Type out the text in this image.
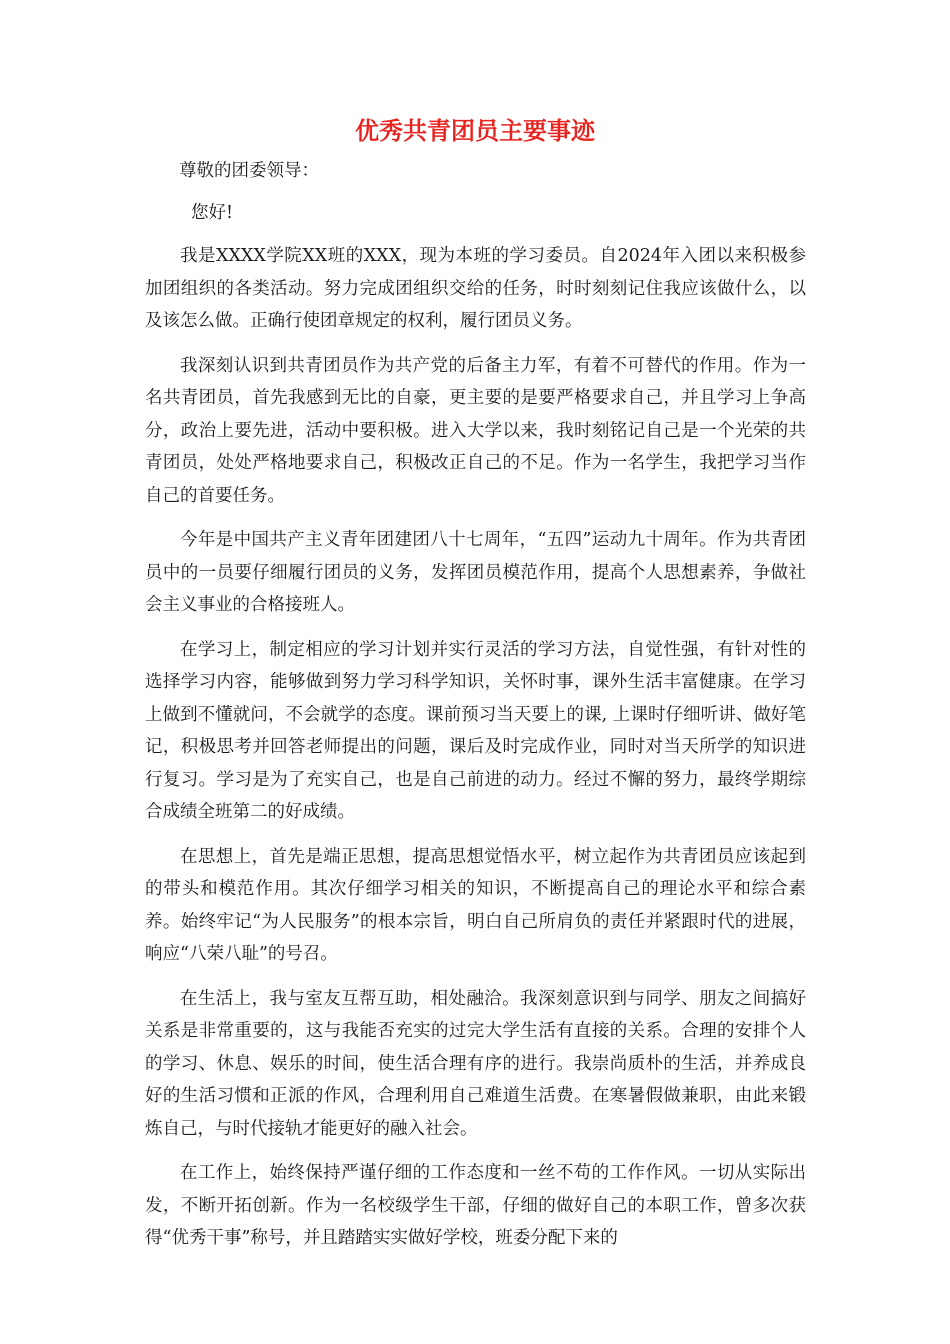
优秀共青团员主要事迹

尊敬的团委领导：

您好!

我是XXXX学院XX班的XXX，现为本班的学习委员。自2024年入团以来积极参加团组织的各类活动。努力完成团组织交给的任务，时时刻刻记住我应该做什么，以及该怎么做。正确行使团章规定的权利，履行团员义务。

我深刻认识到共青团员作为共产党的后备主力军，有着不可替代的作用。作为一名共青团员，首先我感到无比的自豪，更主要的是要严格要求自己，并且学习上争高分，政治上要先进，活动中要积极。进入大学以来，我时刻铭记自己是一个光荣的共青团员，处处严格地要求自己，积极改正自己的不足。作为一名学生，我把学习当作自己的首要任务。

今年是中国共产主义青年团建团八十七周年，“五四”运动九十周年。作为共青团员中的一员要仔细履行团员的义务，发挥团员模范作用，提高个人思想素养，争做社会主义事业的合格接班人。

在学习上，制定相应的学习计划并实行灵活的学习方法，自觉性强，有针对性的选择学习内容，能够做到努力学习科学知识，关怀时事，课外生活丰富健康。在学习上做到不懂就问，不会就学的态度。课前预习当天要上的课, 上课时仔细听讲、做好笔记，积极思考并回答老师提出的问题，课后及时完成作业，同时对当天所学的知识进行复习。学习是为了充实自己，也是自己前进的动力。经过不懈的努力，最终学期综合成绩全班第二的好成绩。

在思想上，首先是端正思想，提高思想觉悟水平，树立起作为共青团员应该起到的带头和模范作用。其次仔细学习相关的知识，不断提高自己的理论水平和综合素养。始终牢记“为人民服务”的根本宗旨，明白自己所肩负的责任并紧跟时代的进展，响应“八荣八耻”的号召。

在生活上，我与室友互帮互助，相处融洽。我深刻意识到与同学、朋友之间搞好关系是非常重要的，这与我能否充实的过完大学生活有直接的关系。合理的安排个人的学习、休息、娱乐的时间，使生活合理有序的进行。我崇尚质朴的生活，并养成良好的生活习惯和正派的作风，合理利用自己难道生活费。在寒暑假做兼职，由此来锻炼自己，与时代接轨才能更好的融入社会。

在工作上，始终保持严谨仔细的工作态度和一丝不苟的工作作风。一切从实际出发，不断开拓创新。作为一名校级学生干部，仔细的做好自己的本职工作，曾多次获得“优秀干事”称号，并且踏踏实实做好学校，班委分配下来的
